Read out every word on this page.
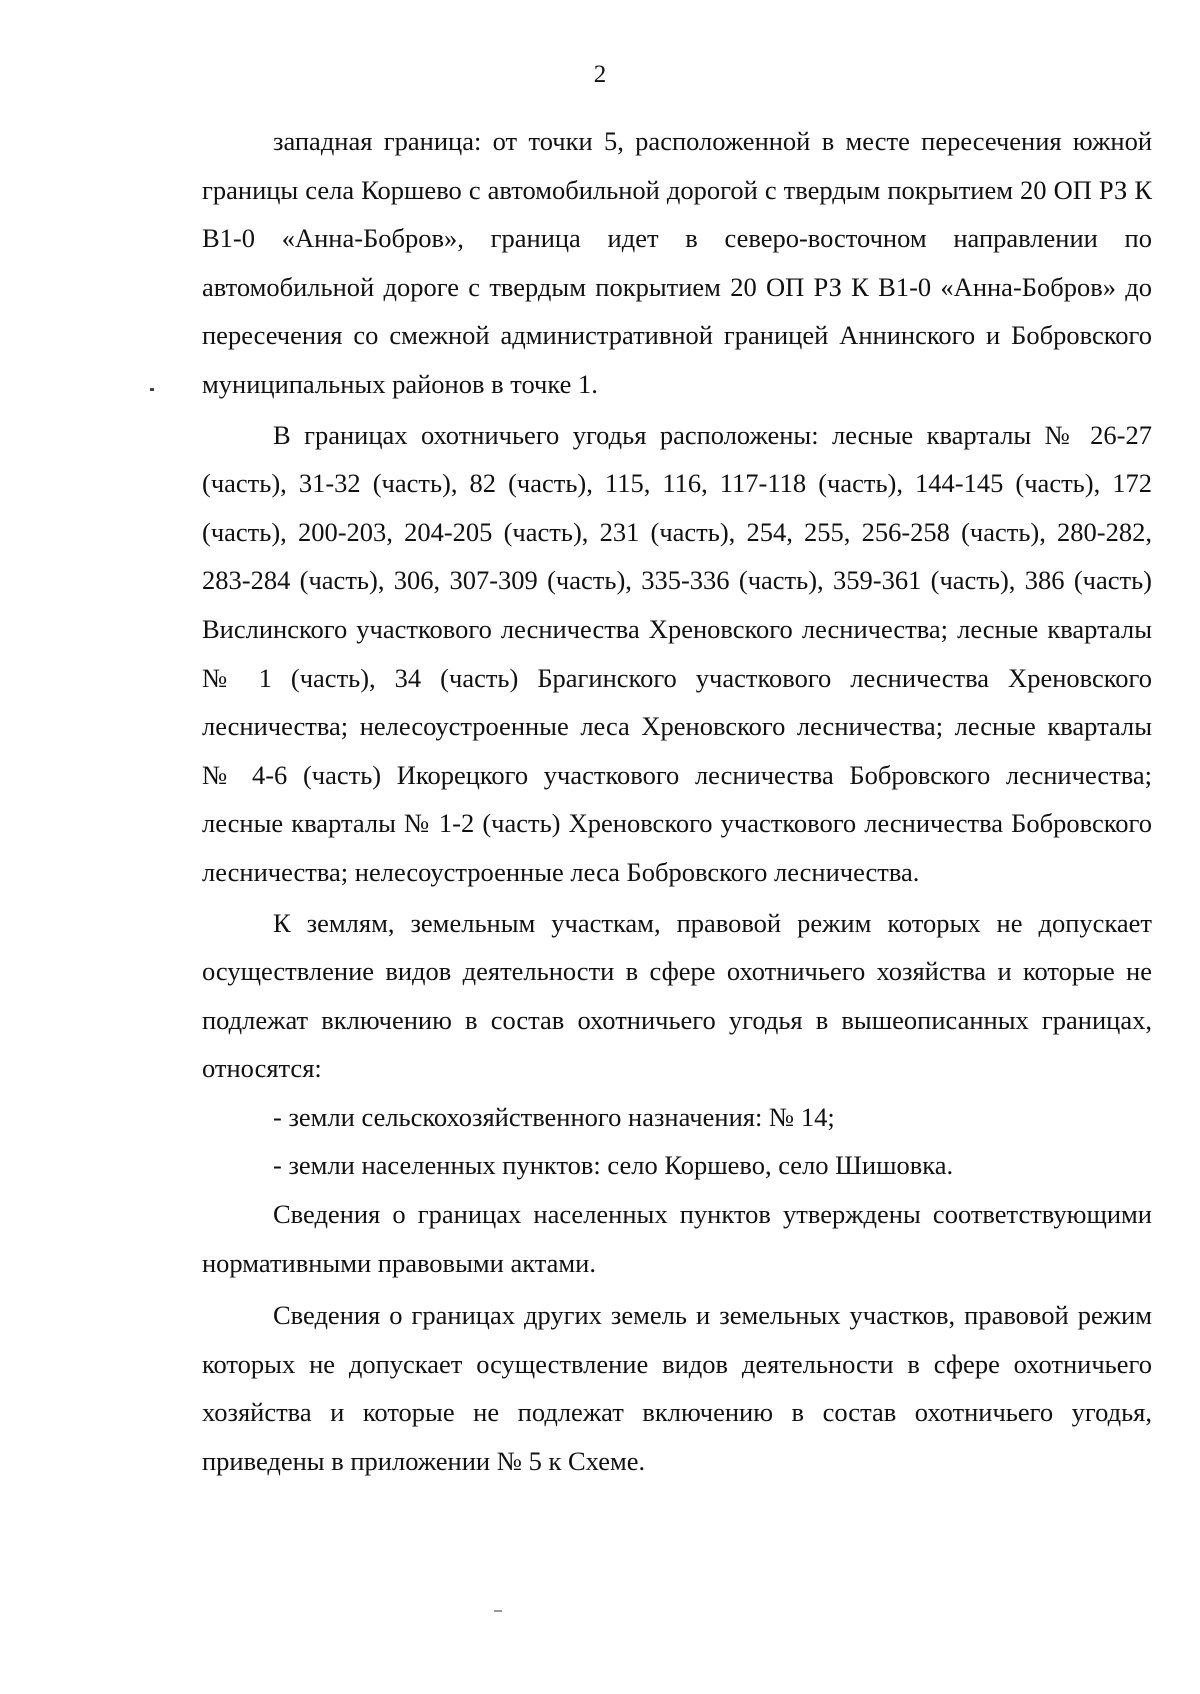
2

западная граница: от точки 5, расположенной в месте пересечения южной границы села Коршево с автомобильной дорогой с твердым покрытием 20 ОП РЗ К В1-0 «Анна-Бобров», граница идет в северо-восточном направлении по автомобильной дороге с твердым покрытием 20 ОП РЗ К В1-0 «Анна-Бобров» до пересечения со смежной административной границей Аннинского и Бобровского муниципальных районов в точке 1.

В границах охотничьего угодья расположены: лесные кварталы № 26-27 (часть), 31-32 (часть), 82 (часть), 115, 116, 117-118 (часть), 144-145 (часть), 172 (часть), 200-203, 204-205 (часть), 231 (часть), 254, 255, 256-258 (часть), 280-282, 283-284 (часть), 306, 307-309 (часть), 335-336 (часть), 359-361 (часть), 386 (часть) Вислинского участкового лесничества Хреновского лесничества; лесные кварталы № 1 (часть), 34 (часть) Брагинского участкового лесничества Хреновского лесничества; нелесоустроенные леса Хреновского лесничества; лесные кварталы № 4-6 (часть) Икорецкого участкового лесничества Бобровского лесничества; лесные кварталы № 1-2 (часть) Хреновского участкового лесничества Бобровского лесничества; нелесоустроенные леса Бобровского лесничества.

К землям, земельным участкам, правовой режим которых не допускает осуществление видов деятельности в сфере охотничьего хозяйства и которые не подлежат включению в состав охотничьего угодья в вышеописанных границах, относятся:

- земли сельскохозяйственного назначения: № 14;

- земли населенных пунктов: село Коршево, село Шишовка.

Сведения о границах населенных пунктов утверждены соответствующими нормативными правовыми актами.

Сведения о границах других земель и земельных участков, правовой режим которых не допускает осуществление видов деятельности в сфере охотничьего хозяйства и которые не подлежат включению в состав охотничьего угодья, приведены в приложении № 5 к Схеме.
